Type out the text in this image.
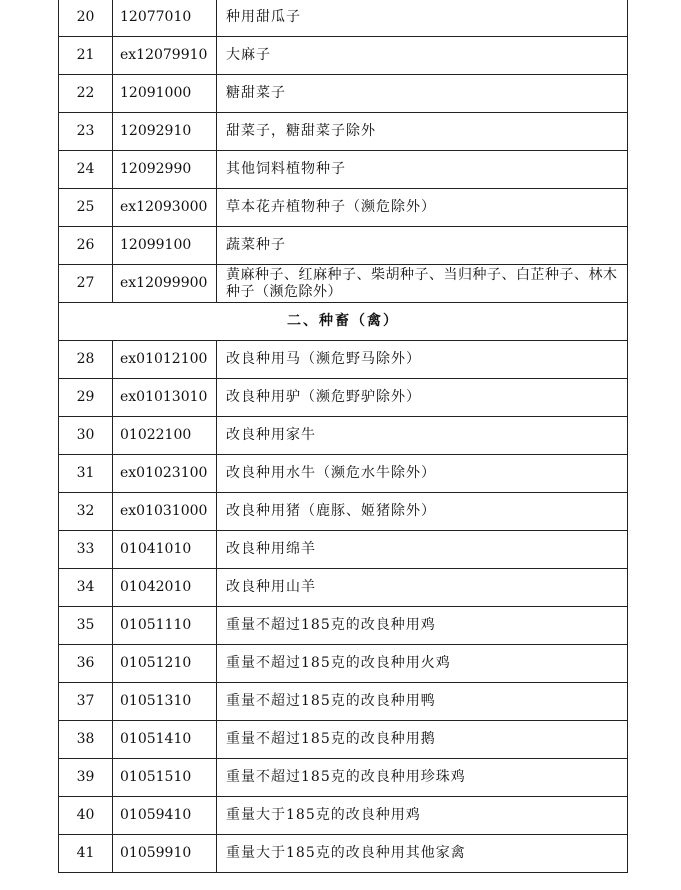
20	12077010	种用甜瓜子
21	ex12079910	大麻子
22	12091000	糖甜菜子
23	12092910	甜菜子，糖甜菜子除外
24	12092990	其他饲料植物种子
25	ex12093000	草本花卉植物种子（濒危除外）
26	12099100	蔬菜种子
27	ex12099900	黄麻种子、红麻种子、柴胡种子、当归种子、白芷种子、林木种子（濒危除外）
二、种畜（禽）		
28	ex01012100	改良种用马（濒危野马除外）
29	ex01013010	改良种用驴（濒危野驴除外）
30	01022100	改良种用家牛
31	ex01023100	改良种用水牛（濒危水牛除外）
32	ex01031000	改良种用猪（鹿豚、姬猪除外）
33	01041010	改良种用绵羊
34	01042010	改良种用山羊
35	01051110	重量不超过185克的改良种用鸡
36	01051210	重量不超过185克的改良种用火鸡
37	01051310	重量不超过185克的改良种用鸭
38	01051410	重量不超过185克的改良种用鹅
39	01051510	重量不超过185克的改良种用珍珠鸡
40	01059410	重量大于185克的改良种用鸡
41	01059910	重量大于185克的改良种用其他家禽
